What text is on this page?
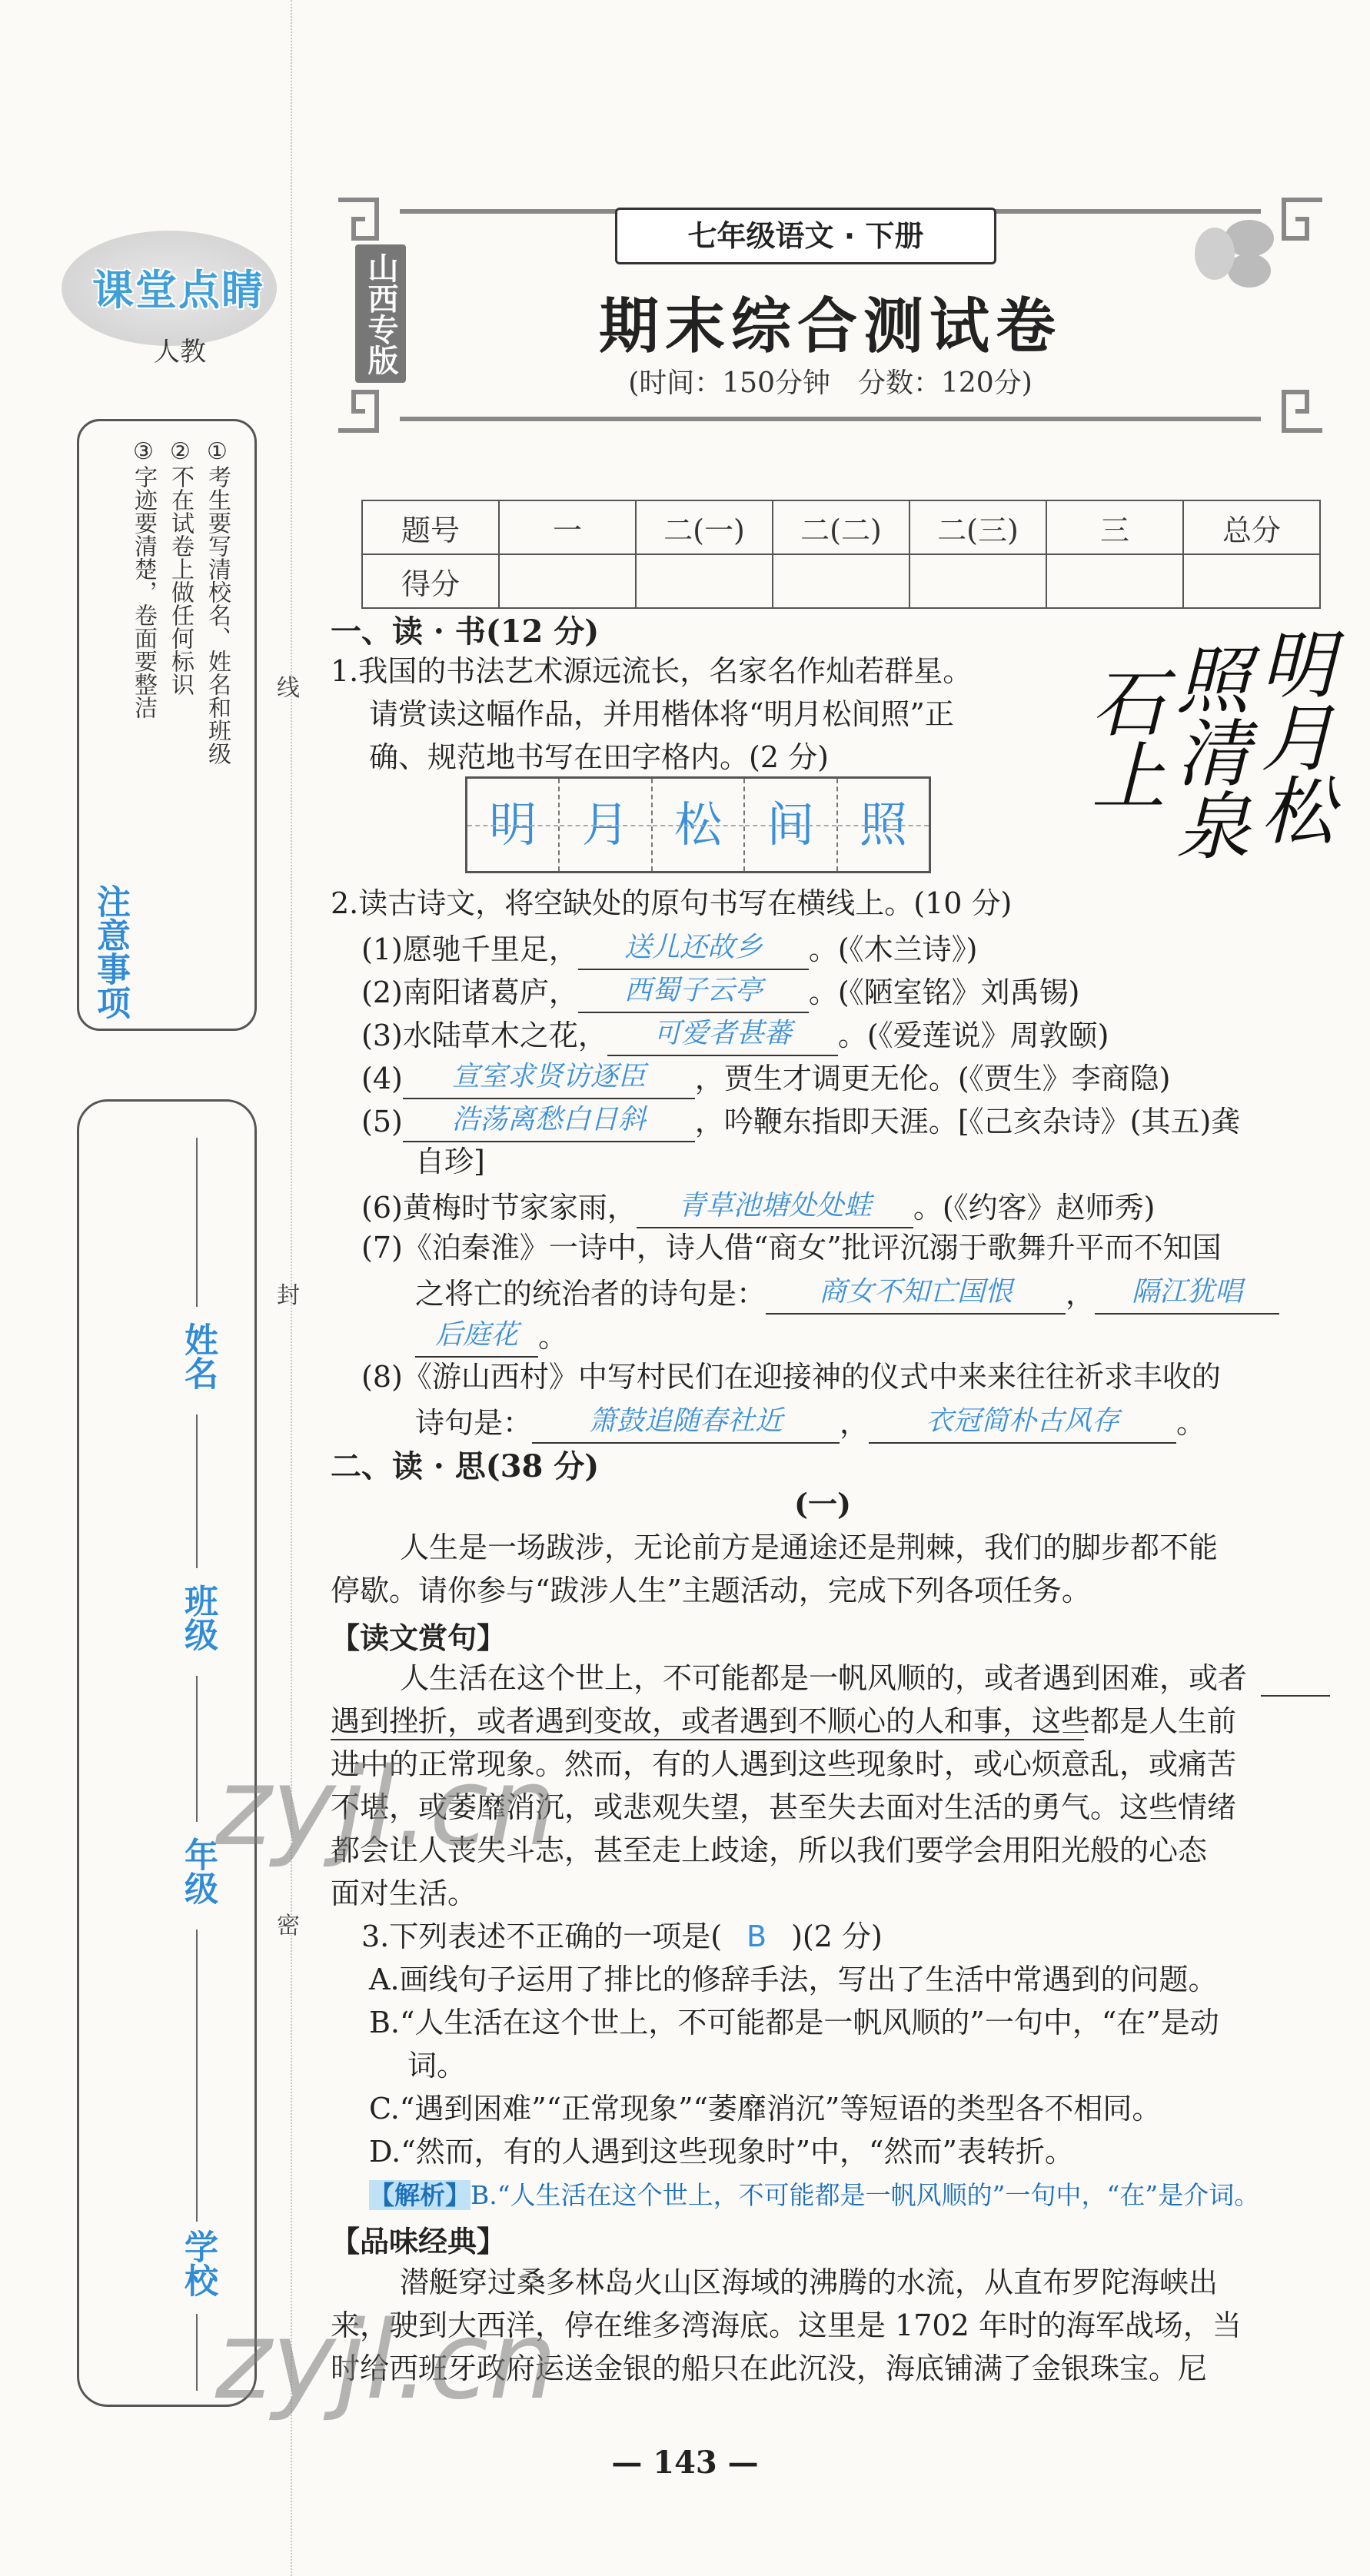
课堂点睛
人教
①考生要写清校名、姓名和班级
②不在试卷上做任何标识
③字迹要清楚，卷面要整洁
注意事项
姓名
班级
年级
学校
线
封
密
七年级语文 · 下册
山西专版	期末综合测试卷
(时间：150分钟　分数：120分)
题号	一	二(一)	二(二)	二(三)	三	总分
得分						
一、读 · 书(12 分)
1.我国的书法艺术源远流长，名家名作灿若群星。
请赏读这幅作品，并用楷体将“明月松间照”正
确、规范地书写在田字格内。(2 分)
明 月 松 间 照
明
月
松
照
清
泉
石
上
2.读古诗文，将空缺处的原句书写在横线上。(10 分)
(1)愿驰千里足， 送儿还故乡 。(《木兰诗》)
(2)南阳诸葛庐， 西蜀子云亭 。(《陋室铭》刘禹锡)
(3)水陆草木之花， 可爱者甚蕃 。(《爱莲说》周敦颐)
(4) 宣室求贤访逐臣 ，贾生才调更无伦。(《贾生》李商隐)
(5) 浩荡离愁白日斜 ，吟鞭东指即天涯。[《己亥杂诗》(其五)龚
自珍]
(6)黄梅时节家家雨， 青草池塘处处蛙 。(《约客》赵师秀)
(7)《泊秦淮》一诗中，诗人借“商女”批评沉溺于歌舞升平而不知国
之将亡的统治者的诗句是： 商女不知亡国恨 ， 隔江犹唱
后庭花 。
(8)《游山西村》中写村民们在迎接神的仪式中来来往往祈求丰收的
诗句是： 箫鼓追随春社近 ， 衣冠简朴古风存 。
二、读 · 思(38 分)
(一)
人生是一场跋涉，无论前方是通途还是荆棘，我们的脚步都不能
停歇。请你参与“跋涉人生”主题活动，完成下列各项任务。
【读文赏句】
人生活在这个世上，不可能都是一帆风顺的，或者遇到困难，或者
遇到挫折，或者遇到变故，或者遇到不顺心的人和事，这些都是人生前
进中的正常现象。然而，有的人遇到这些现象时，或心烦意乱，或痛苦
不堪，或萎靡消沉，或悲观失望，甚至失去面对生活的勇气。这些情绪
都会让人丧失斗志，甚至走上歧途，所以我们要学会用阳光般的心态
面对生活。
3.下列表述不正确的一项是( B )(2 分)
A.画线句子运用了排比的修辞手法，写出了生活中常遇到的问题。
B.“人生活在这个世上，不可能都是一帆风顺的”一句中，“在”是动
词。
C.“遇到困难”“正常现象”“萎靡消沉”等短语的类型各不相同。
D.“然而，有的人遇到这些现象时”中，“然而”表转折。
【解析】B.“人生活在这个世上，不可能都是一帆风顺的”一句中，“在”是介词。
【品味经典】
潜艇穿过桑多林岛火山区海域的沸腾的水流，从直布罗陀海峡出
来，驶到大西洋，停在维多湾海底。这里是 1702 年时的海军战场，当
时给西班牙政府运送金银的船只在此沉没，海底铺满了金银珠宝。尼
zyjl.cn
zyjl.cn
— 143 —
